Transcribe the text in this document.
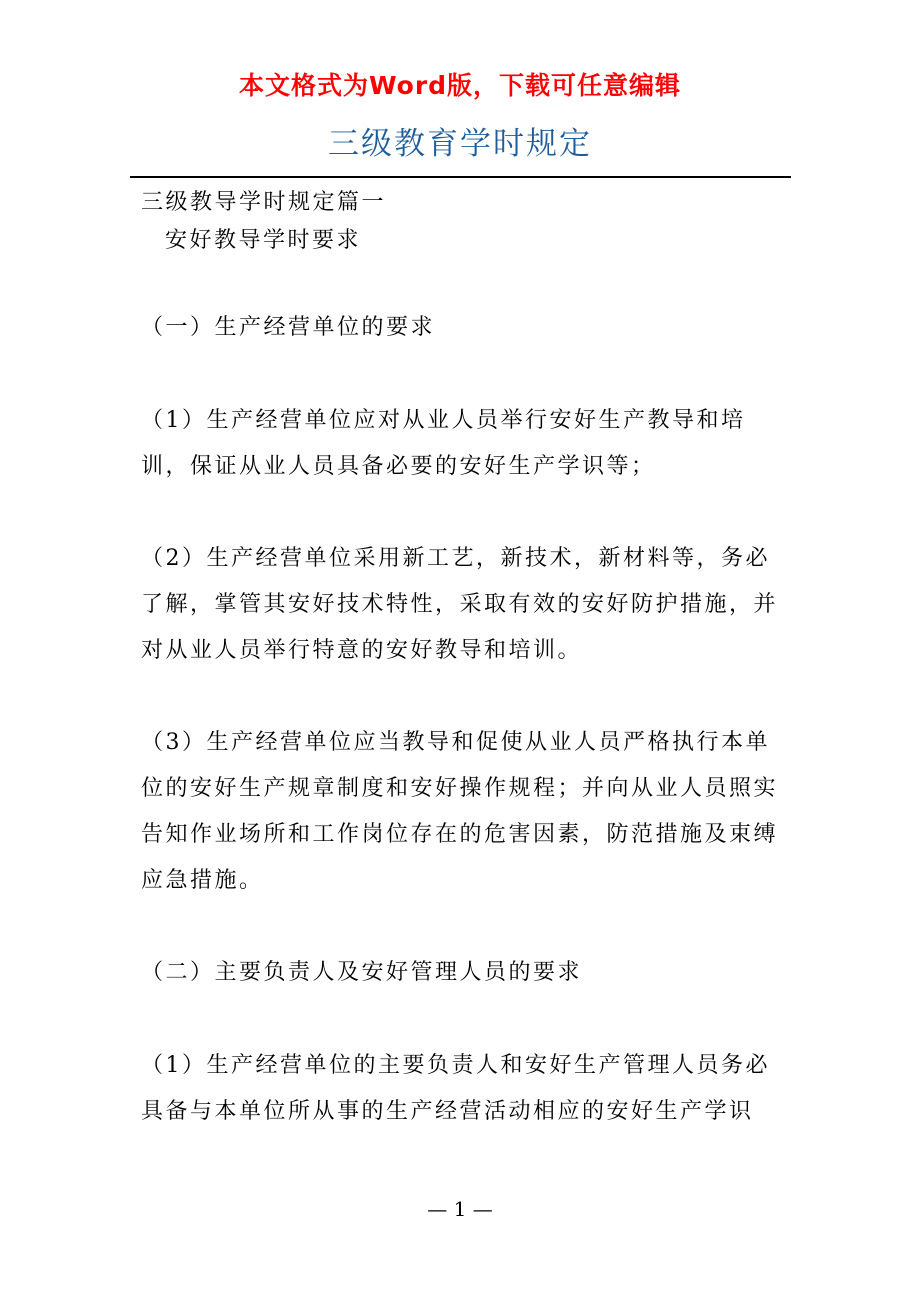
本文格式为Word版，下载可任意编辑
三级教育学时规定

三级教导学时规定篇一

安好教导学时要求

（一）生产经营单位的要求

（1）生产经营单位应对从业人员举行安好生产教导和培训，保证从业人员具备必要的安好生产学识等；

（2）生产经营单位采用新工艺，新技术，新材料等，务必了解，掌管其安好技术特性，采取有效的安好防护措施，并对从业人员举行特意的安好教导和培训。

（3）生产经营单位应当教导和促使从业人员严格执行本单位的安好生产规章制度和安好操作规程；并向从业人员照实告知作业场所和工作岗位存在的危害因素，防范措施及束缚应急措施。

（二）主要负责人及安好管理人员的要求

（1）生产经营单位的主要负责人和安好生产管理人员务必具备与本单位所从事的生产经营活动相应的安好生产学识

— 1 —
